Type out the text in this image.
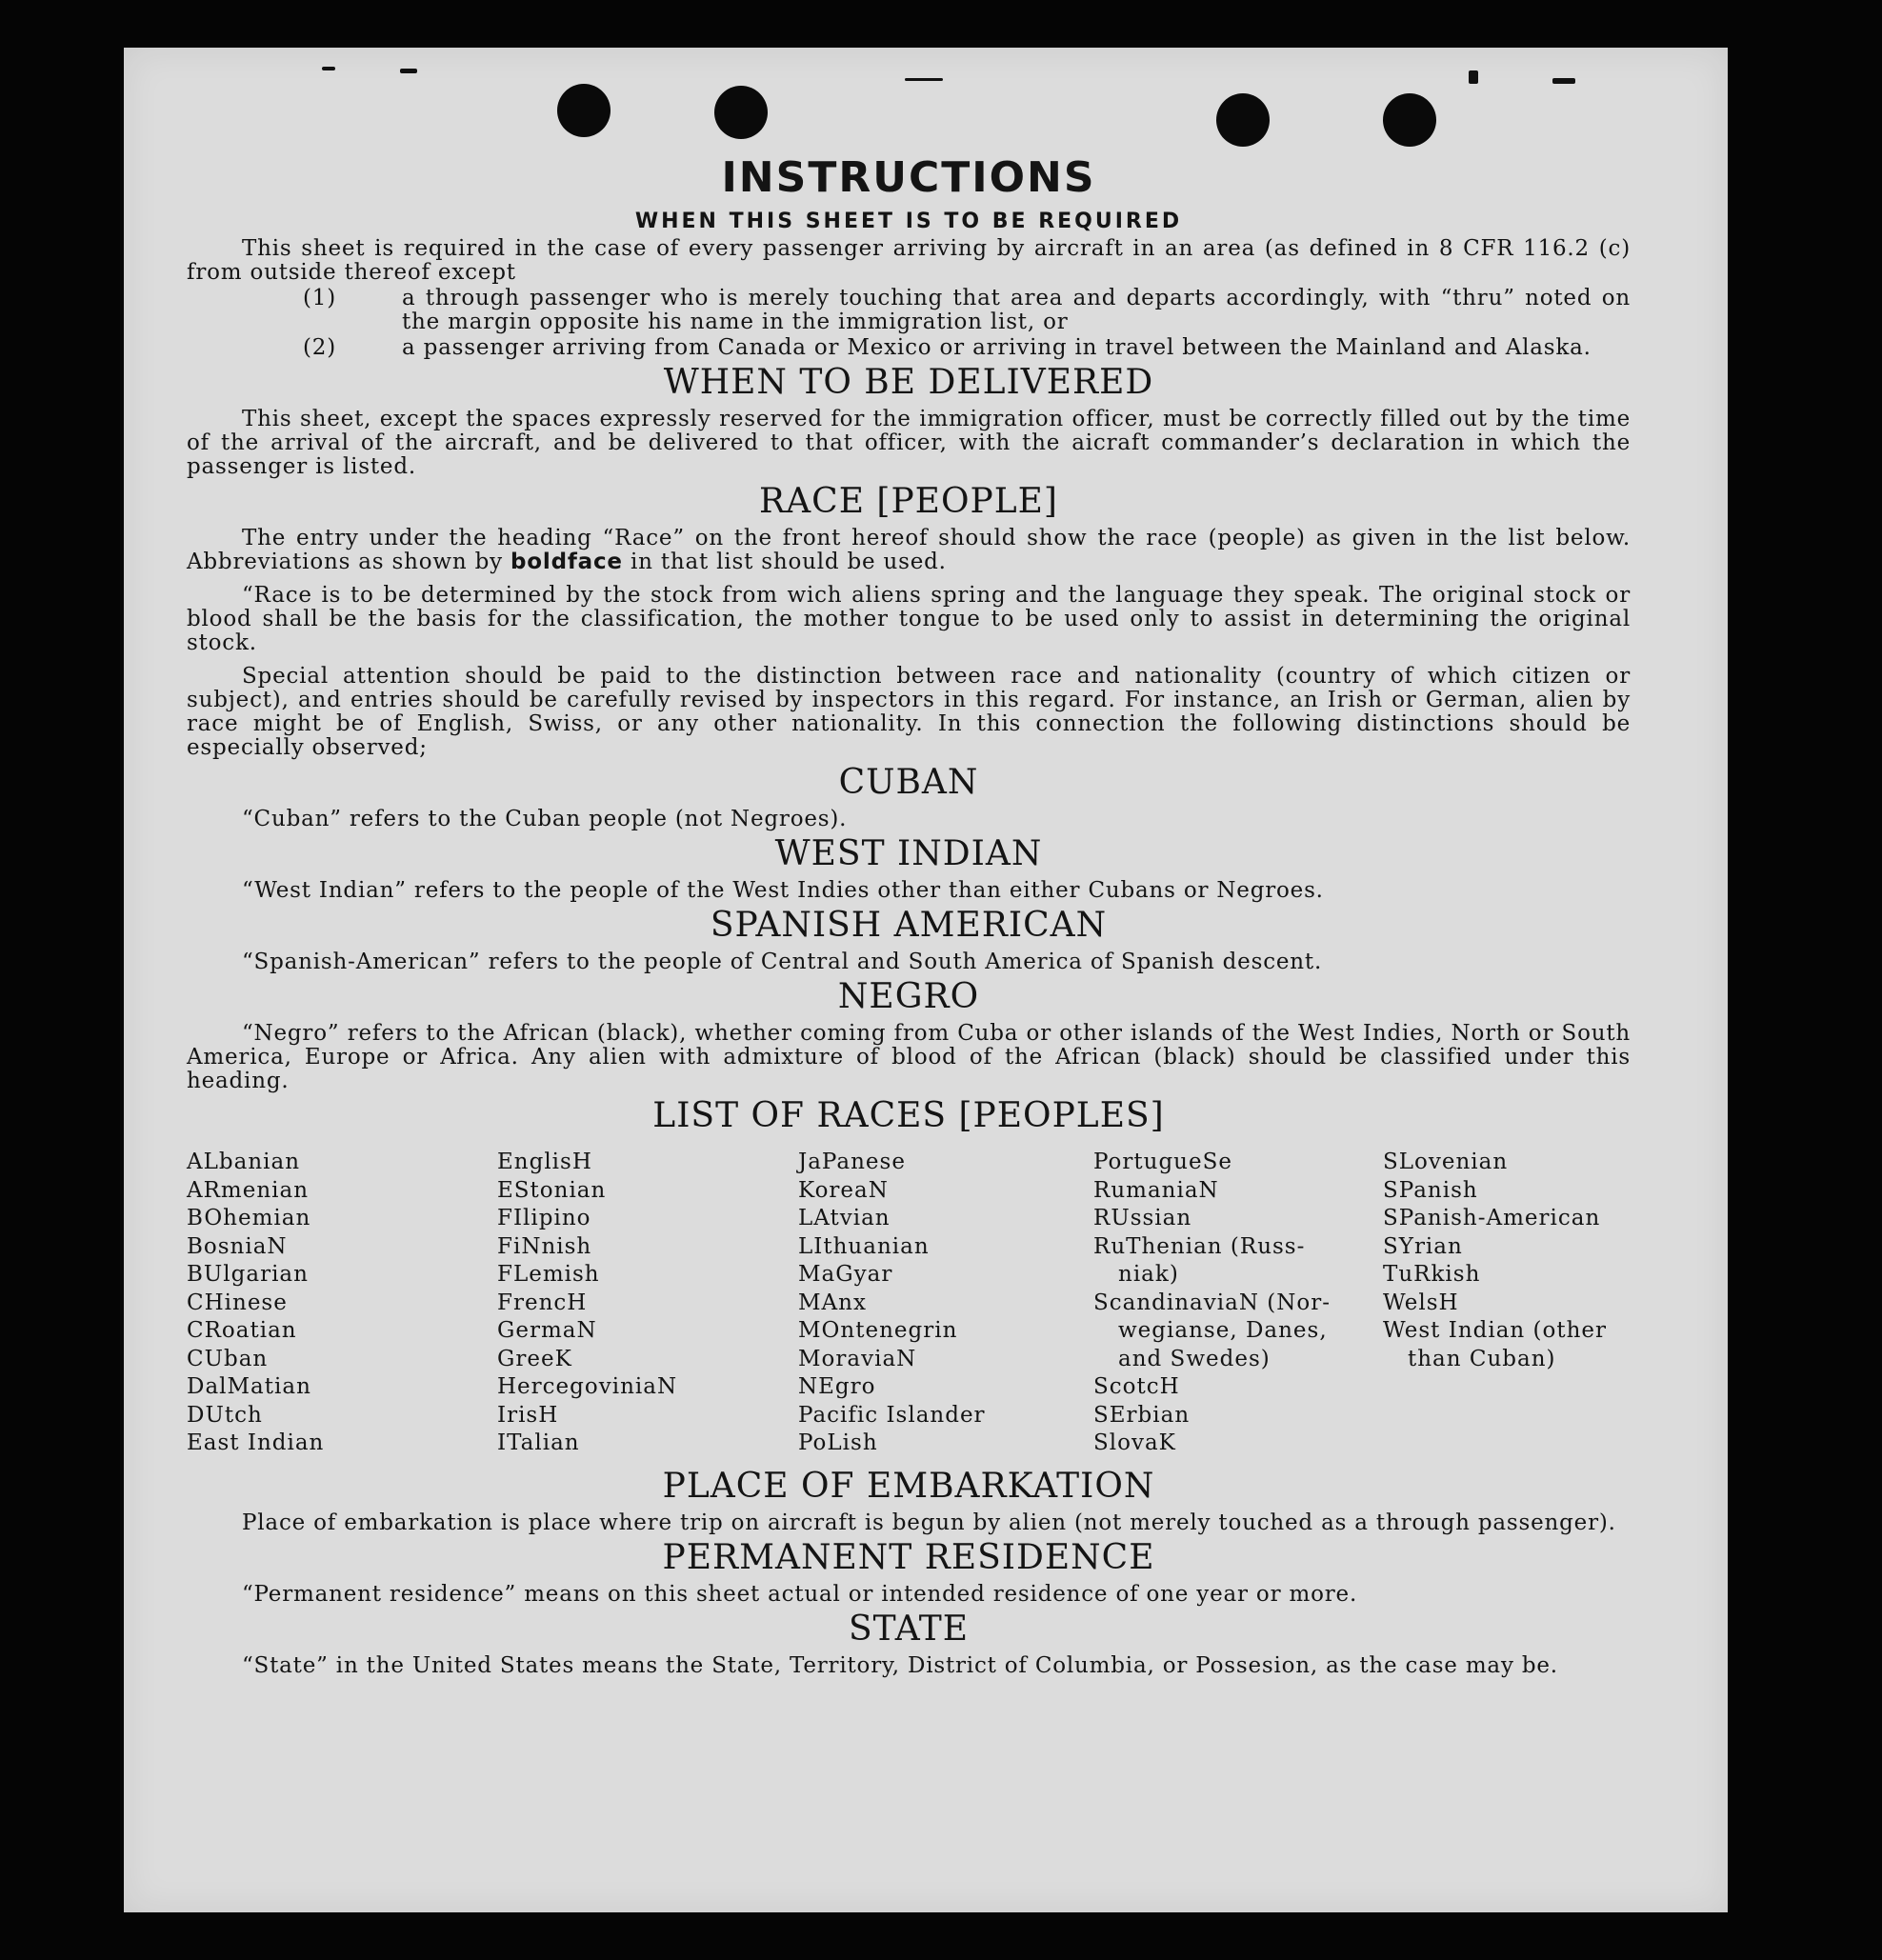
INSTRUCTIONS
WHEN THIS SHEET IS TO BE REQUIRED

This sheet is required in the case of every passenger arriving by aircraft in an area (as defined in 8 CFR 116.2 (c) from outside thereof except

(1)	a through passenger who is merely touching that area and departs accordingly, with “thru” noted on the margin opposite his name in the immigration list, or
(2)	a passenger arriving from Canada or Mexico or arriving in travel between the Mainland and Alaska.
WHEN TO BE DELIVERED

This sheet, except the spaces expressly reserved for the immigration officer, must be correctly filled out by the time of the arrival of the aircraft, and be delivered to that officer, with the aicraft commander’s declaration in which the passenger is listed.

RACE [PEOPLE]

The entry under the heading “Race” on the front hereof should show the race (people) as given in the list below. Abbreviations as shown by boldface in that list should be used.

“Race is to be determined by the stock from wich aliens spring and the language they speak. The original stock or blood shall be the basis for the classification, the mother tongue to be used only to assist in determining the original stock.

Special attention should be paid to the distinction between race and nationality (country of which citizen or subject), and entries should be carefully revised by inspectors in this regard. For instance, an Irish or German, alien by race might be of English, Swiss, or any other nationality. In this connection the following distinctions should be especially observed;

CUBAN

“Cuban” refers to the Cuban people (not Negroes).

WEST INDIAN

“West Indian” refers to the people of the West Indies other than either Cubans or Negroes.

SPANISH AMERICAN

“Spanish-American” refers to the people of Central and South America of Spanish descent.

NEGRO

“Negro” refers to the African (black), whether coming from Cuba or other islands of the West Indies, North or South America, Europe or Africa. Any alien with admixture of blood of the African (black) should be classified under this heading.

LIST OF RACES [PEOPLES]
ALbanian
ARmenian
BOhemian
BosniaN
BUlgarian
CHinese
CRoatian
CUban
DalMatian
DUtch
East Indian
EnglisH
EStonian
FIlipino
FiNnish
FLemish
FrencH
GermaN
GreeK
HercegoviniaN
IrisH
ITalian
JaPanese
KoreaN
LAtvian
LIthuanian
MaGyar
MAnx
MOntenegrin
MoraviaN
NEgro
Pacific Islander
PoLish
PortugueSe
RumaniaN
RUssian
RuThenian (Russ-
niak)
ScandinaviaN (Nor-
wegianse, Danes,
and Swedes)
ScotcH
SErbian
SlovaK
SLovenian
SPanish
SPanish-American
SYrian
TuRkish
WelsH
West Indian (other
than Cuban)
PLACE OF EMBARKATION

Place of embarkation is place where trip on aircraft is begun by alien (not merely touched as a through passenger).

PERMANENT RESIDENCE

“Permanent residence” means on this sheet actual or intended residence of one year or more.

STATE

“State” in the United States means the State, Territory, District of Columbia, or Possesion, as the case may be.
